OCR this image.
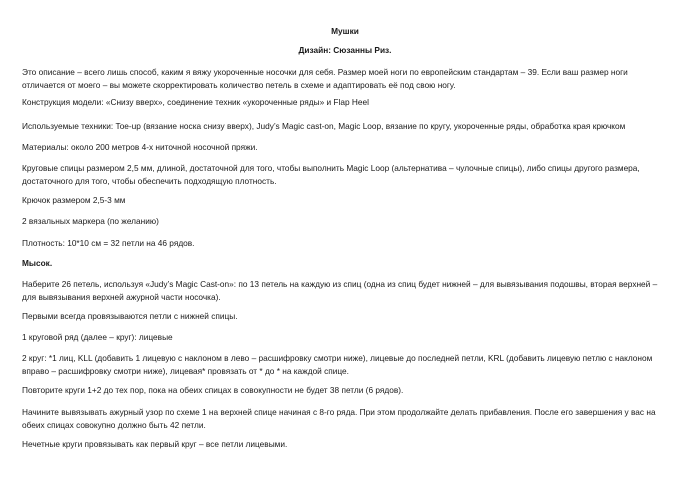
Мушки

Дизайн: Сюзанны Риз.

Это описание – всего лишь способ, каким я вяжу укороченные носочки для себя. Размер моей ноги по европейским стандартам – 39. Если ваш размер ноги отличается от моего – вы можете скорректировать количество петель в схеме и адаптировать её под свою ногу.

Конструкция модели: «Снизу вверх», соединение техник «укороченные ряды» и Flap Heel

Используемые техники: Toe-up (вязание носка снизу вверх), Judy’s Magic cast-on, Magic Loop, вязание по кругу, укороченные ряды, обработка края крючком

Материалы: около 200 метров 4-х ниточной носочной пряжи.

Круговые спицы размером 2,5 мм, длиной, достаточной для того, чтобы выполнить Magic Loop (альтернатива – чулочные спицы), либо спицы другого размера, достаточного для того, чтобы обеспечить подходящую плотность.

Крючок размером 2,5-3 мм

2 вязальных маркера (по желанию)

Плотность: 10*10 см = 32 петли на 46 рядов.

Мысок.

Наберите 26 петель, используя «Judy’s Magic Cast-on»: по 13 петель на каждую из спиц (одна из спиц будет нижней – для вывязывания подошвы, вторая верхней – для вывязывания верхней ажурной части носочка).

Первыми всегда провязываются петли с нижней спицы.

1 круговой ряд (далее – круг): лицевые

2 круг: *1 лиц, KLL (добавить 1 лицевую с наклоном в лево – расшифровку смотри ниже), лицевые до последней петли, KRL (добавить лицевую петлю с наклоном вправо – расшифровку смотри ниже), лицевая* провязать от * до * на каждой спице.

Повторите круги 1+2 до тех пор, пока на обеих спицах в совокупности не будет 38 петли (6 рядов).

Начините вывязывать ажурный узор по схеме 1 на верхней спице начиная с 8-го ряда. При этом продолжайте делать прибавления. После его завершения у вас на обеих спицах совокупно должно быть 42 петли.

Нечетные круги провязывать как первый круг – все петли лицевыми.
